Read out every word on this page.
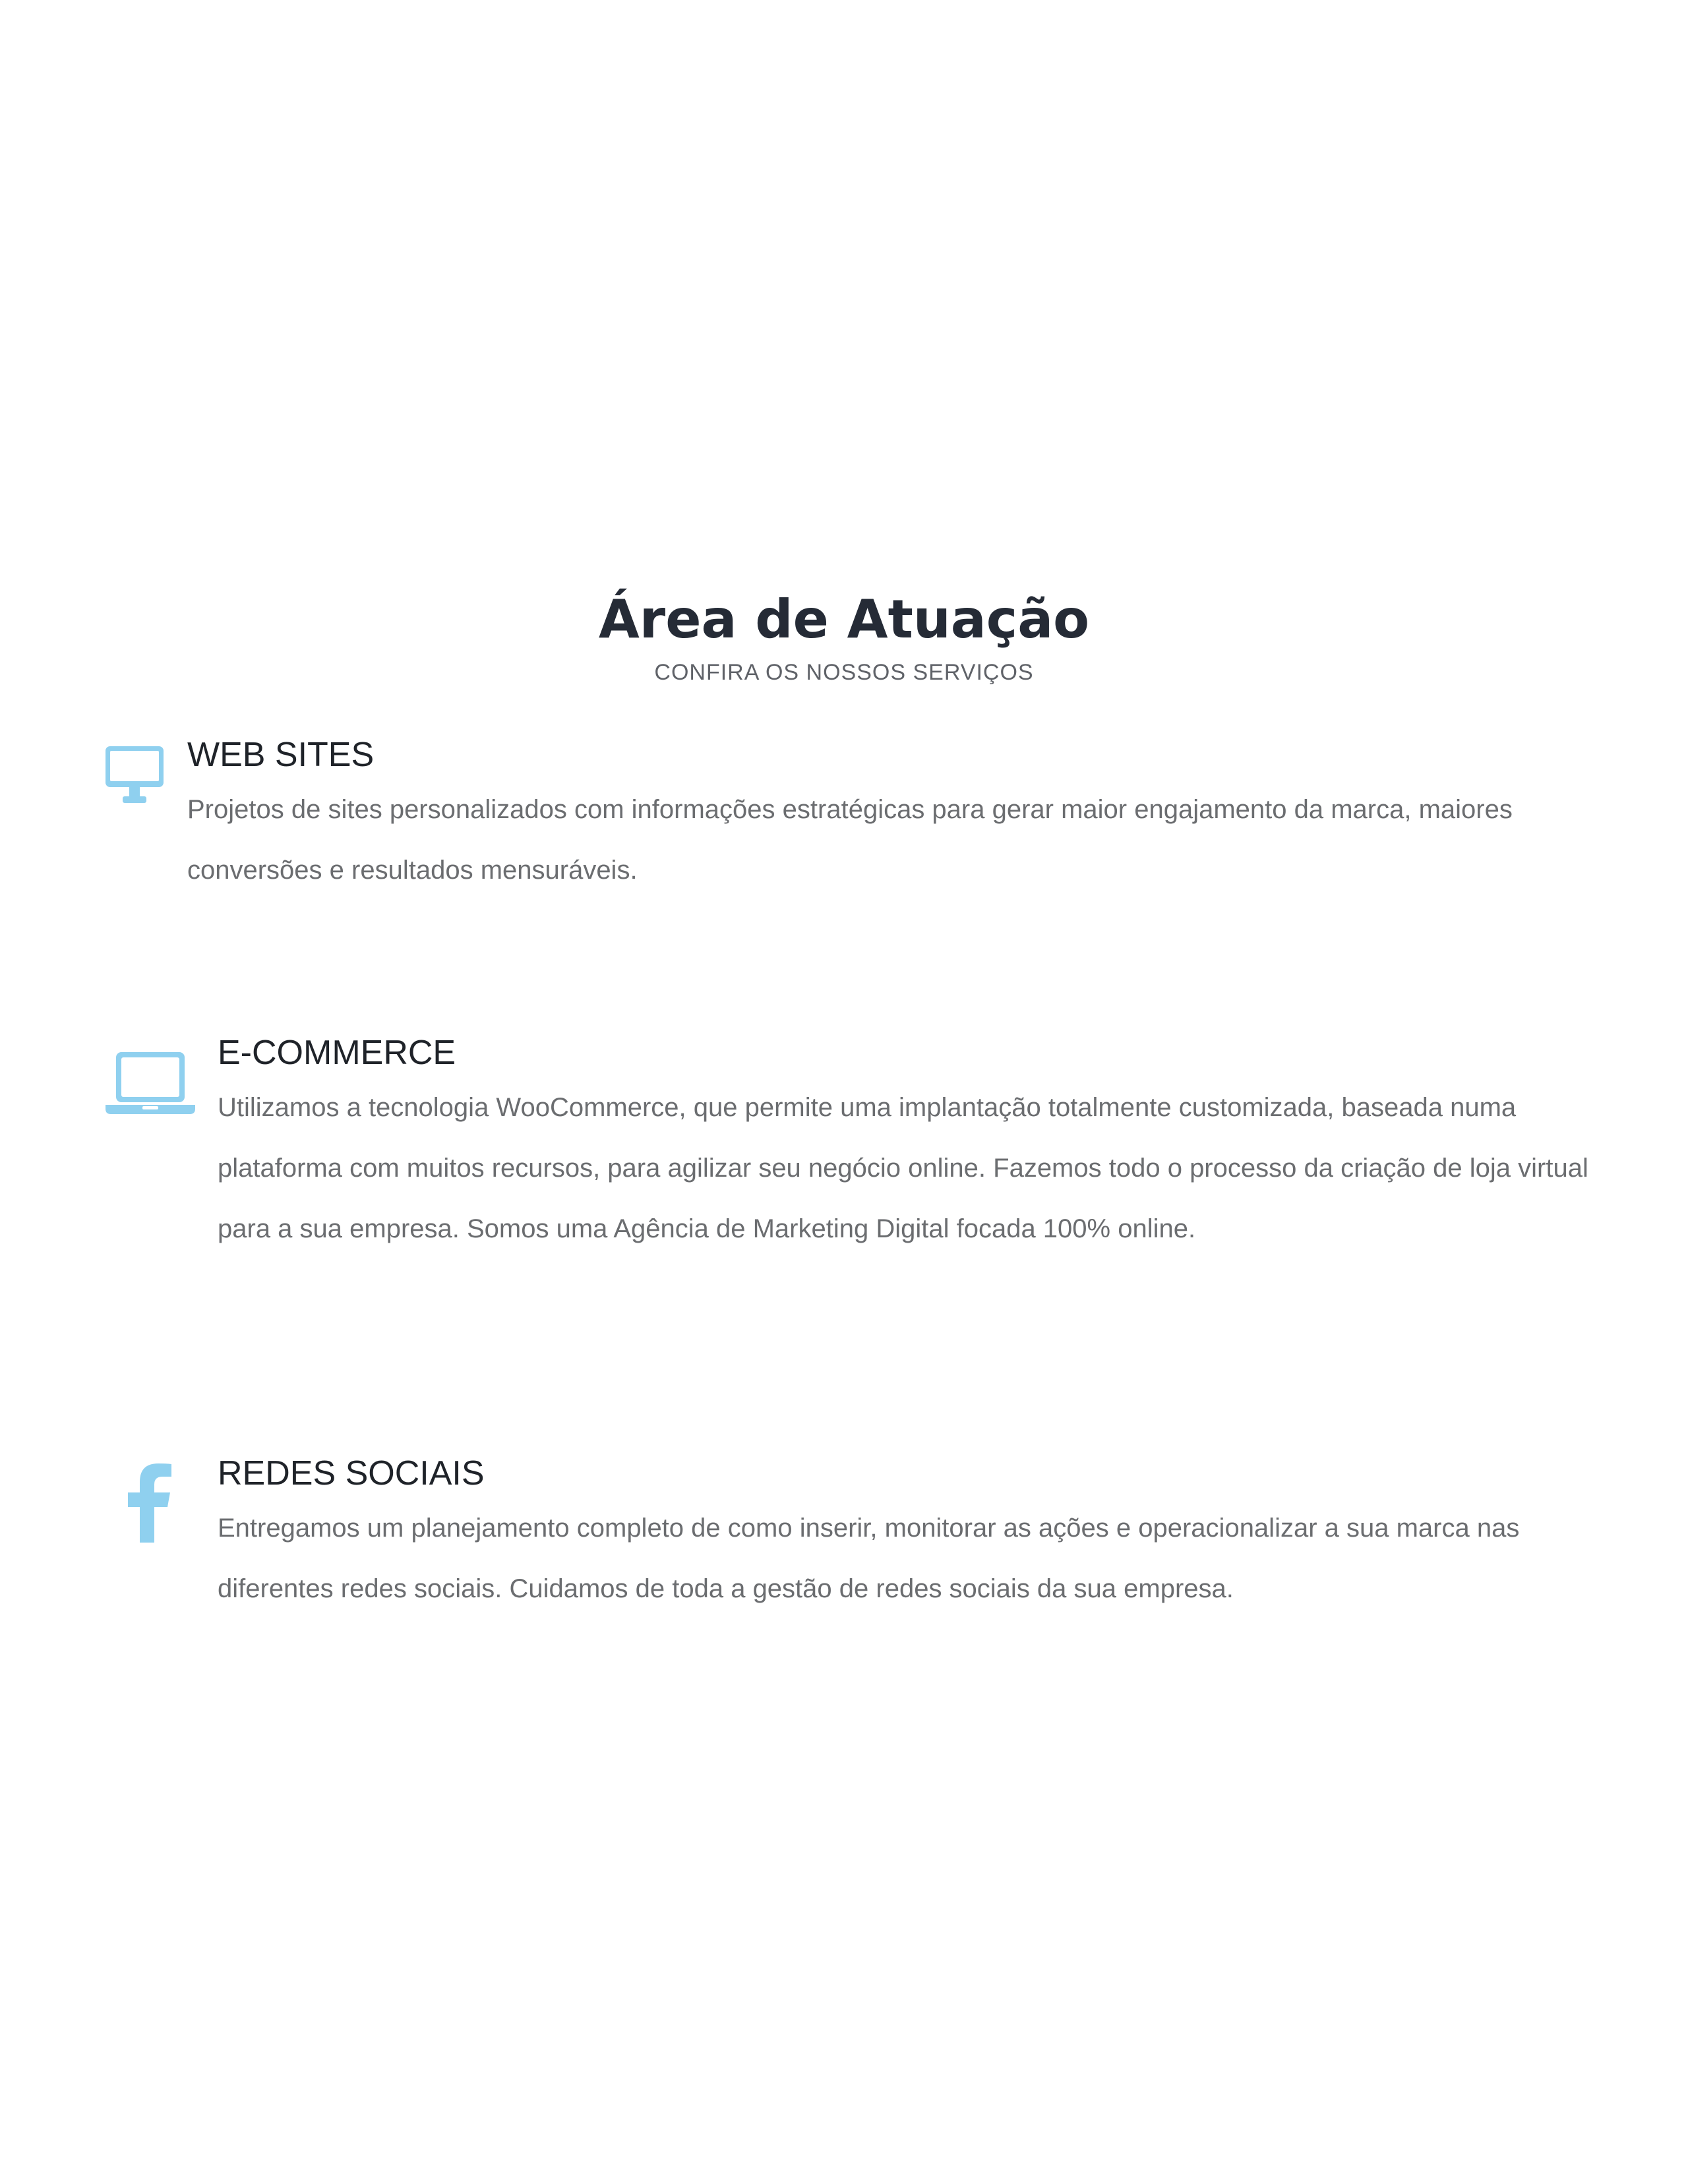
Área de Atuação

CONFIRA OS NOSSOS SERVIÇOS

WEB SITES

Projetos de sites personalizados com informações estratégicas para gerar maior engajamento da marca, maiores conversões e resultados mensuráveis.

E-COMMERCE

Utilizamos a tecnologia WooCommerce, que permite uma implantação totalmente customizada, baseada numa plataforma com muitos recursos, para agilizar seu negócio online. Fazemos todo o processo da criação de loja virtual para a sua empresa. Somos uma Agência de Marketing Digital focada 100% online.

REDES SOCIAIS

Entregamos um planejamento completo de como inserir, monitorar as ações e operacionalizar a sua marca nas diferentes redes sociais. Cuidamos de toda a gestão de redes sociais da sua empresa.
